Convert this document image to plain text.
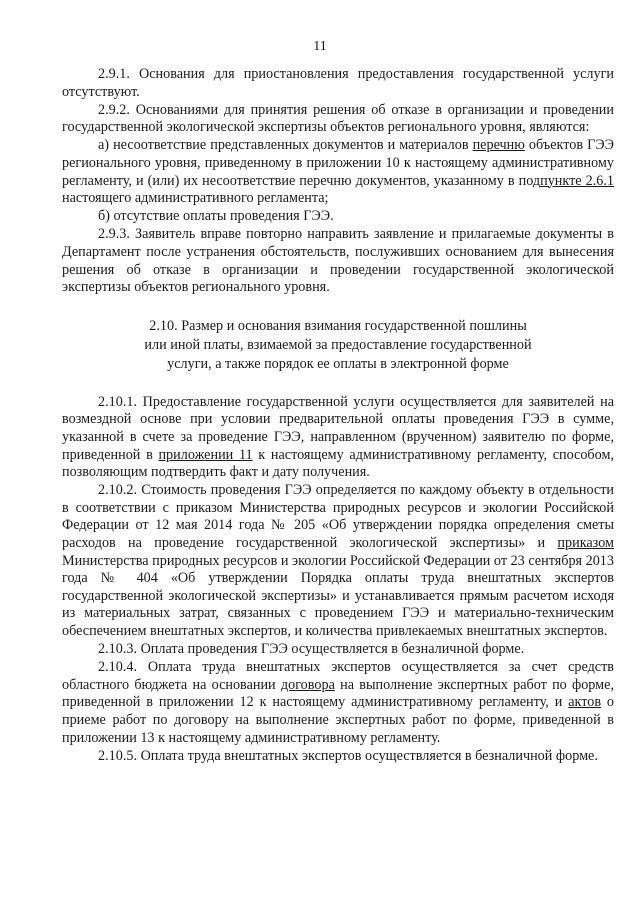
11

2.9.1. Основания для приостановления предоставления государственной услуги отсутствуют.

2.9.2. Основаниями для принятия решения об отказе в организации и проведении государственной экологической экспертизы объектов регионального уровня, являются:

а) несоответствие представленных документов и материалов перечню объектов ГЭЭ регионального уровня, приведенному в приложении 10 к настоящему административному регламенту, и (или) их несоответствие перечню документов, указанному в подпункте 2.6.1 настоящего административного регламента;

б) отсутствие оплаты проведения ГЭЭ.

2.9.3. Заявитель вправе повторно направить заявление и прилагаемые документы в Департамент после устранения обстоятельств, послуживших основанием для вынесения решения об отказе в организации и проведении государственной экологической экспертизы объектов регионального уровня.

2.10. Размер и основания взимания государственной пошлины
или иной платы, взимаемой за предоставление государственной
услуги, а также порядок ее оплаты в электронной форме

2.10.1. Предоставление государственной услуги осуществляется для заявителей на возмездной основе при условии предварительной оплаты проведения ГЭЭ в сумме, указанной в счете за проведение ГЭЭ, направленном (врученном) заявителю по форме, приведенной в приложении 11 к настоящему административному регламенту, способом, позволяющим подтвердить факт и дату получения.

2.10.2. Стоимость проведения ГЭЭ определяется по каждому объекту в отдельности в соответствии с приказом Министерства природных ресурсов и экологии Российской Федерации от 12 мая 2014 года № 205 «Об утверждении порядка определения сметы расходов на проведение государственной экологической экспертизы» и приказом Министерства природных ресурсов и экологии Российской Федерации от 23 сентября 2013 года № 404 «Об утверждении Порядка оплаты труда внештатных экспертов государственной экологической экспертизы» и устанавливается прямым расчетом исходя из материальных затрат, связанных с проведением ГЭЭ и материально-техническим обеспечением внештатных экспертов, и количества привлекаемых внештатных экспертов.

2.10.3. Оплата проведения ГЭЭ осуществляется в безналичной форме.

2.10.4. Оплата труда внештатных экспертов осуществляется за счет средств областного бюджета на основании договора на выполнение экспертных работ по форме, приведенной в приложении 12 к настоящему административному регламенту, и актов о приеме работ по договору на выполнение экспертных работ по форме, приведенной в приложении 13 к настоящему административному регламенту.

2.10.5. Оплата труда внештатных экспертов осуществляется в безналичной форме.
